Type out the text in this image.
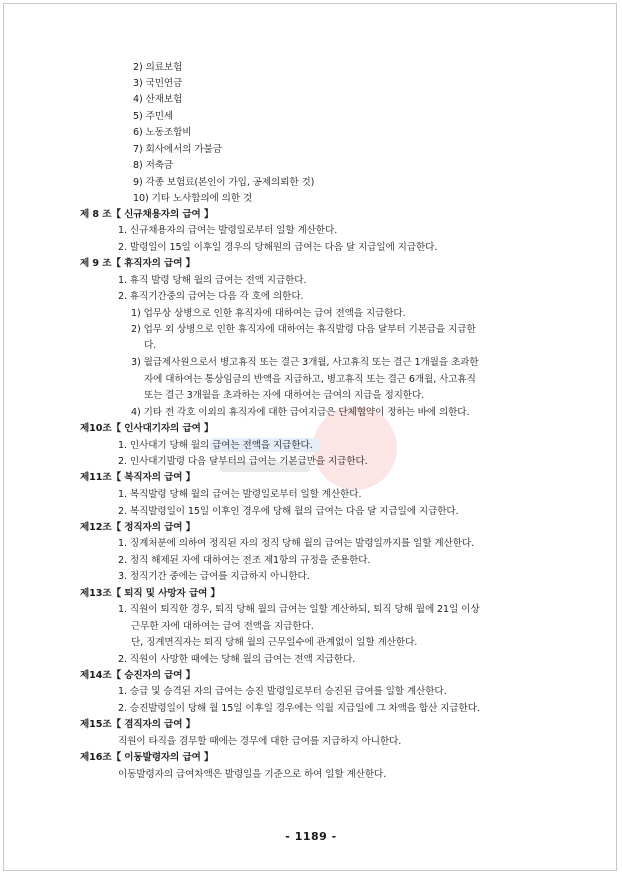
2) 의료보험
3) 국민연금
4) 산재보험
5) 주민세
6) 노동조합비
7) 회사에서의 가불금
8) 저축금
9) 각종 보험료(본인이 가입, 공제의뢰한 것)
10) 기타 노사합의에 의한 것
제 8 조【 신규채용자의 급여 】
1. 신규채용자의 급여는 발령일로부터 일할 계산한다.
2. 발령일이 15일 이후일 경우의 당해원의 급여는 다음 달 지급일에 지급한다.
제 9 조【 휴직자의 급여 】
1. 휴직 발령 당해 월의 급여는 전액 지급한다.
2. 휴직기간중의 급여는 다음 각 호에 의한다.
1) 업무상 상병으로 인한 휴직자에 대하여는 급여 전액을 지급한다.
2) 업무 외 상병으로 인한 휴직자에 대하여는 휴직발령 다음 달부터 기본급을 지급한
다.
3) 월급제사원으로서 병고휴직 또는 결근 3개월, 사고휴직 또는 결근 1개월을 초과한
자에 대하여는 통상임금의 반액을 지급하고, 병고휴직 또는 결근 6개월, 사고휴직
또는 결근 3개월을 초과하는 자에 대하여는 급여의 지급을 정지한다.
4) 기타 전 각호 이외의 휴직자에 대한 급여지급은 단체협약이 정하는 바에 의한다.
제10조【 인사대기자의 급여 】
1. 인사대기 당해 월의 급여는 전액을 지급한다.
2. 인사대기발령 다음 달부터의 급여는 기본급만을 지급한다.
제11조【 복직자의 급여 】
1. 복직발령 당해 월의 급여는 발령일로부터 일할 계산한다.
2. 복직발령일이 15일 이후인 경우에 당해 월의 급여는 다음 달 지급일에 지급한다.
제12조【 정직자의 급여 】
1. 징계처분에 의하여 정직된 자의 정직 당해 월의 급여는 발령일까지를 일할 계산한다.
2. 정직 해제된 자에 대하여는 전조 제1항의 규정을 준용한다.
3. 정직기간 중에는 급여를 지급하지 아니한다.
제13조【 퇴직 및 사망자 급여 】
1. 직원이 퇴직한 경우, 퇴직 당해 월의 급여는 일할 계산하되, 퇴직 당해 월에 21일 이상
근무한 자에 대하여는 급여 전액을 지급한다.
단, 징계면직자는 퇴직 당해 월의 근무일수에 관계없이 일할 계산한다.
2. 직원이 사망한 때에는 당해 월의 급여는 전액 지급한다.
제14조【 승진자의 급여 】
1. 승급 및 승격된 자의 급여는 승진 발령일로부터 승진된 급여를 일할 계산한다.
2. 승진발령일이 당해 월 15일 이후일 경우에는 익월 지급일에 그 차액을 합산 지급한다.
제15조【 겸직자의 급여 】
직원이 타직을 겸무할 때에는 경무에 대한 급여를 지급하지 아니한다.
제16조【 이동발령자의 급여 】
이동발령자의 급여차액은 발령일을 기준으로 하여 일할 계산한다.
- 1189 -
